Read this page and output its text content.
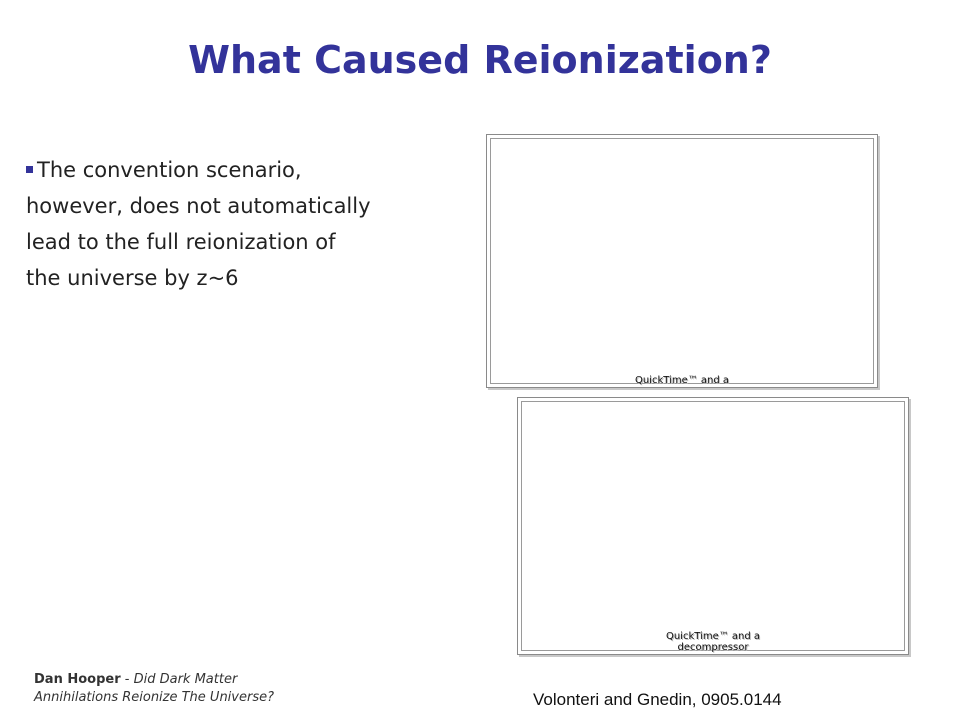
What Caused Reionization?
The convention scenario,
however, does not automatically
lead to the full reionization of
the universe by z~6
QuickTime™ and a
QuickTime™ and a
decompressor
Dan Hooper - Did Dark Matter
Annihilations Reionize The Universe?	Volonteri and Gnedin, 0905.0144
